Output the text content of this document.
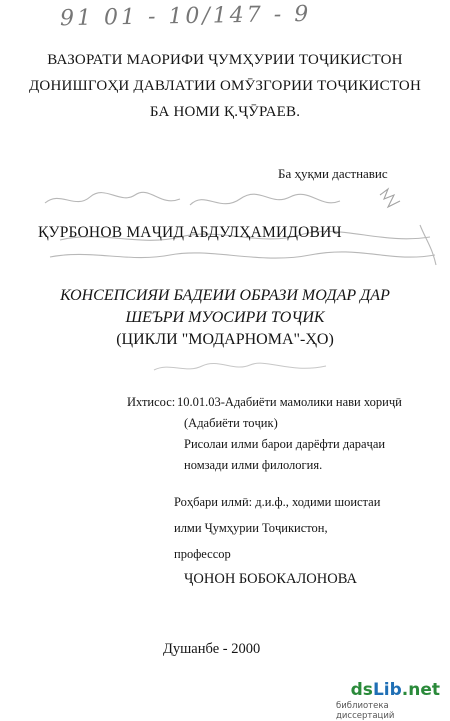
91 01 - 10/147 - 9
ВАЗОРАТИ МАОРИФИ ҶУМҲУРИИ ТОҶИКИСТОН
ДОНИШГОҲИ ДАВЛАТИИ ОМӮЗГОРИИ ТОҶИКИСТОН
БА НОМИ Қ.ҶӮРАЕВ.
Ба ҳуқми дастнавис
ҚУРБОНОВ МАҶИД АБДУЛҲАМИДОВИЧ
КОНСЕПСИЯИ БАДЕИИ ОБРАЗИ МОДАР ДАР
ШЕЪРИ МУОСИРИ ТОҶИК
(ЦИКЛИ "МОДАРНОМА"-ҲО)
Ихтисос: 10.01.03-Адабиёти мамолики нави хориҷӣ
(Адабиёти тоҷик)
Рисолаи илми барои дарёфти дараҷаи
номзади илми филология.
Роҳбари илмӣ: д.и.ф., ходими шоистаи
илми Ҷумҳурии Тоҷикистон,
профессор
ҶОНОН БОБОКАЛОНОВА
Душанбе - 2000
dsLib.net
библиотека диссертаций
